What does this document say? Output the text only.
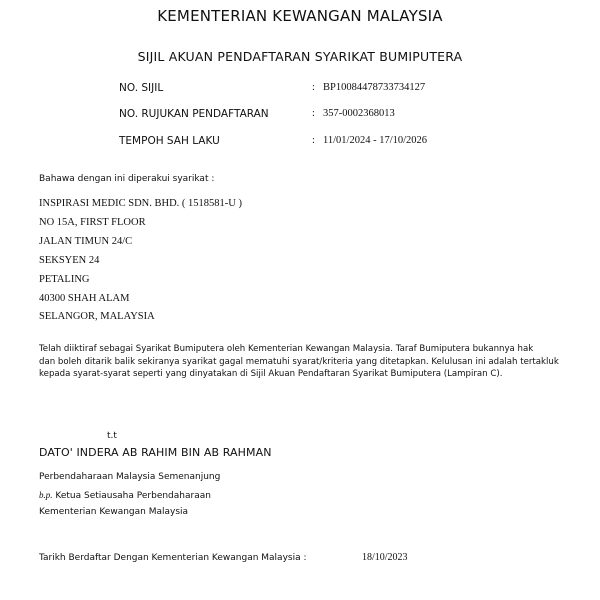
KEMENTERIAN KEWANGAN MALAYSIA
SIJIL AKUAN PENDAFTARAN SYARIKAT BUMIPUTERA
NO. SIJIL	: BP10084478733734127
NO. RUJUKAN PENDAFTARAN	: 357-0002368013
TEMPOH SAH LAKU	: 11/01/2024 - 17/10/2026
Bahawa dengan ini diperakui syarikat :
INSPIRASI MEDIC SDN. BHD. ( 1518581-U )
NO 15A, FIRST FLOOR
JALAN TIMUN 24/C
SEKSYEN 24
PETALING
40300 SHAH ALAM
SELANGOR, MALAYSIA
Telah diiktiraf sebagai Syarikat Bumiputera oleh Kementerian Kewangan Malaysia. Taraf Bumiputera bukannya hak
dan boleh ditarik balik sekiranya syarikat gagal mematuhi syarat/kriteria yang ditetapkan. Kelulusan ini adalah tertakluk
kepada syarat-syarat seperti yang dinyatakan di Sijil Akuan Pendaftaran Syarikat Bumiputera (Lampiran C).
t.t
DATO' INDERA AB RAHIM BIN AB RAHMAN
Perbendaharaan Malaysia Semenanjung
b.p. Ketua Setiausaha Perbendaharaan
Kementerian Kewangan Malaysia
Tarikh Berdaftar Dengan Kementerian Kewangan Malaysia :	18/10/2023
